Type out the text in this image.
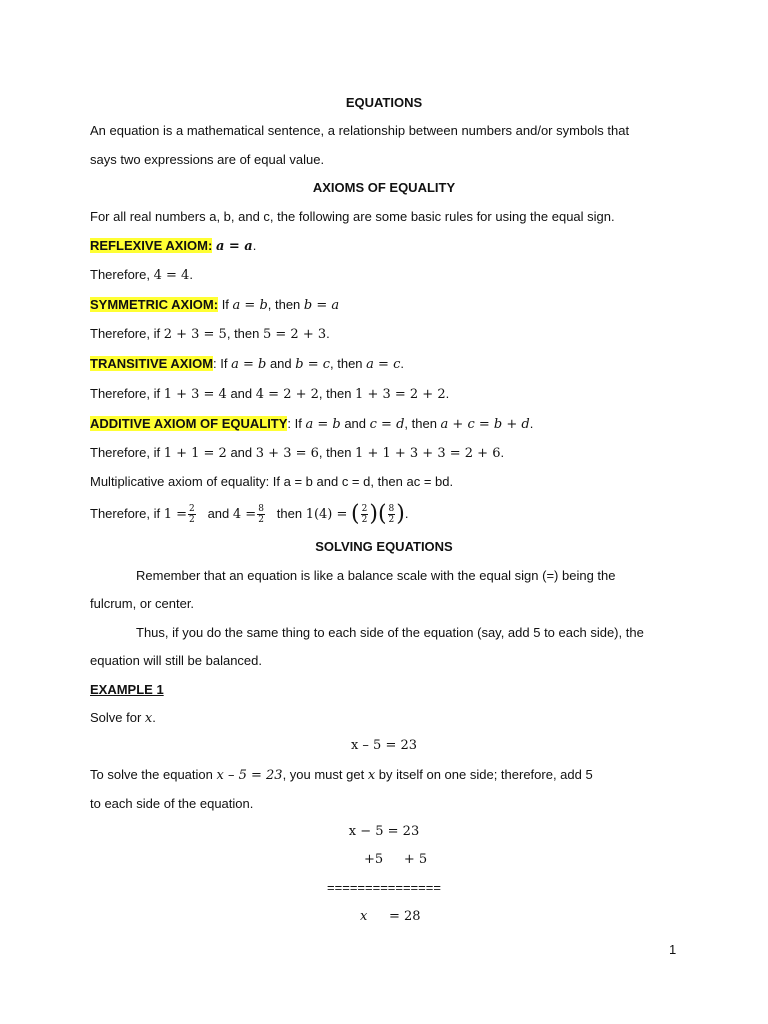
EQUATIONS
An equation is a mathematical sentence, a relationship between numbers and/or symbols that
says two expressions are of equal value.
AXIOMS OF EQUALITY
For all real numbers a, b, and c, the following are some basic rules for using the equal sign.
REFLEXIVE AXIOM: a = a.
Therefore, 4 = 4.
SYMMETRIC AXIOM: If a = b, then b = a
Therefore, if 2 + 3 = 5, then 5 = 2 + 3.
TRANSITIVE AXIOM: If a = b and b = c, then a = c.
Therefore, if 1 + 3 = 4 and 4 = 2 + 2, then 1 + 3 = 2 + 2.
ADDITIVE AXIOM OF EQUALITY: If a = b and c = d, then a + c = b + d.
Therefore, if 1 + 1 = 2 and 3 + 3 = 6, then 1 + 1 + 3 + 3 = 2 + 6.
Multiplicative axiom of equality: If a = b and c = d, then ac = bd.
Therefore, if $1 = \frac{2}{2}$ and $4 = \frac{8}{2}$ then 1(4) = ( $\frac{2}{2}$ )( $\frac{8}{2}$ ).
SOLVING EQUATIONS
Remember that an equation is like a balance scale with the equal sign (=) being the
fulcrum, or center.
Thus, if you do the same thing to each side of the equation (say, add 5 to each side), the
equation will still be balanced.
EXAMPLE 1
Solve for x.
x – 5 = 23
To solve the equation x – 5 = 23, you must get x by itself on one side; therefore, add 5
to each side of the equation.
x − 5 = 23
+5     + 5
===============
x = 28
1
